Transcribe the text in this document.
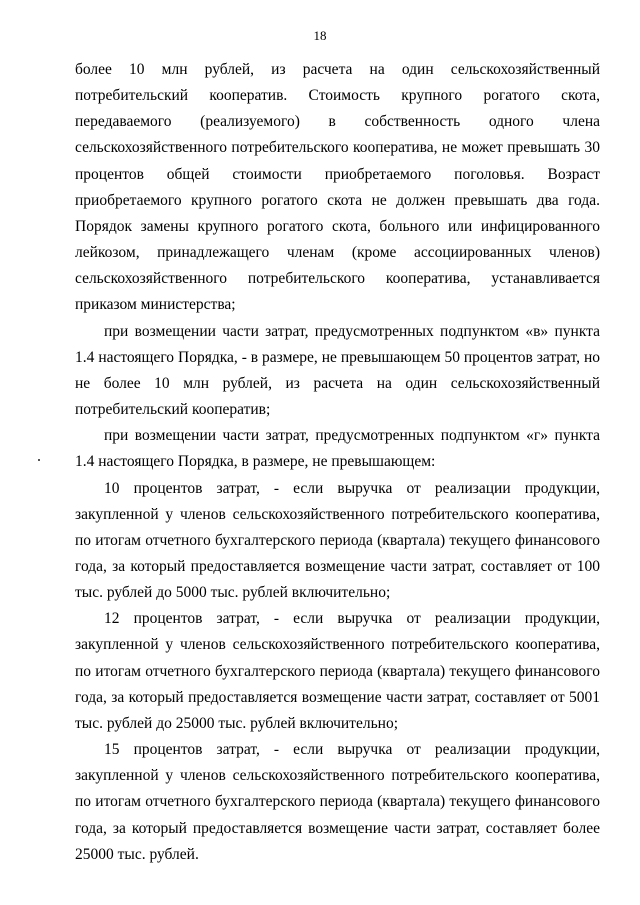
18

более 10 млн рублей, из расчета на один сельскохозяйственный потребительский кооператив. Стоимость крупного рогатого скота, передаваемого (реализуемого) в собственность одного члена сельскохозяйственного потребительского кооператива, не может превышать 30 процентов общей стоимости приобретаемого поголовья. Возраст приобретаемого крупного рогатого скота не должен превышать два года. Порядок замены крупного рогатого скота, больного или инфицированного лейкозом, принадлежащего членам (кроме ассоциированных членов) сельскохозяйственного потребительского кооператива, устанавливается приказом министерства;

при возмещении части затрат, предусмотренных подпунктом «в» пункта 1.4 настоящего Порядка, - в размере, не превышающем 50 процентов затрат, но не более 10 млн рублей, из расчета на один сельскохозяйственный потребительский кооператив;

при возмещении части затрат, предусмотренных подпунктом «г» пункта 1.4 настоящего Порядка, в размере, не превышающем:

10 процентов затрат, - если выручка от реализации продукции, закупленной у членов сельскохозяйственного потребительского кооператива, по итогам отчетного бухгалтерского периода (квартала) текущего финансового года, за который предоставляется возмещение части затрат, составляет от 100 тыс. рублей до 5000 тыс. рублей включительно;

12 процентов затрат, - если выручка от реализации продукции, закупленной у членов сельскохозяйственного потребительского кооператива, по итогам отчетного бухгалтерского периода (квартала) текущего финансового года, за который предоставляется возмещение части затрат, составляет от 5001 тыс. рублей до 25000 тыс. рублей включительно;

15 процентов затрат, - если выручка от реализации продукции, закупленной у членов сельскохозяйственного потребительского кооператива, по итогам отчетного бухгалтерского периода (квартала) текущего финансового года, за который предоставляется возмещение части затрат, составляет более 25000 тыс. рублей.
